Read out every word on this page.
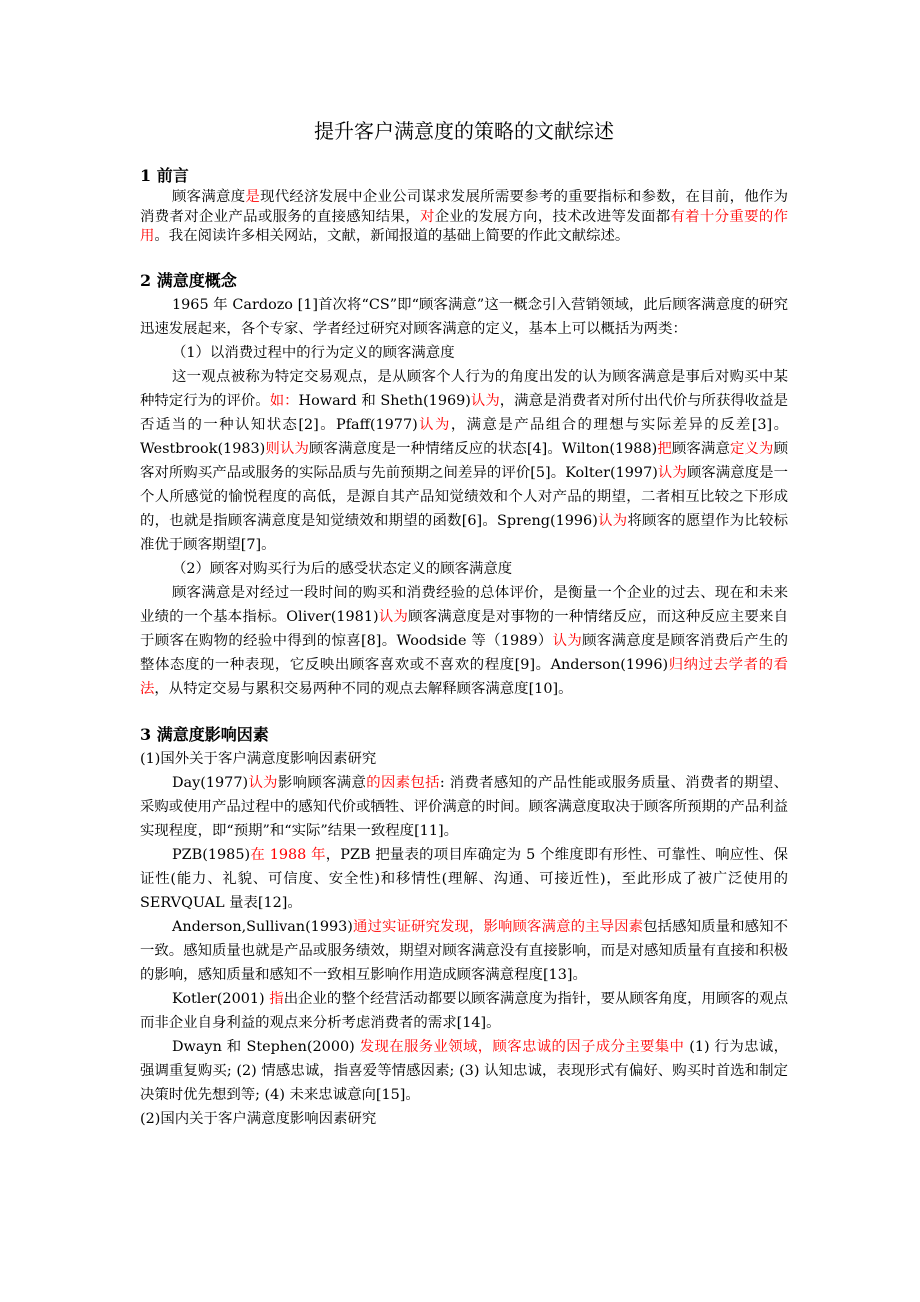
提升客户满意度的策略的文献综述
1 前言

顾客满意度是现代经济发展中企业公司谋求发展所需要参考的重要指标和参数，在目前，他作为消费者对企业产品或服务的直接感知结果，对企业的发展方向，技术改进等发面都有着十分重要的作用。我在阅读许多相关网站，文献，新闻报道的基础上简要的作此文献综述。

2 满意度概念

1965 年 Cardozo [1]首次将“CS”即“顾客满意”这一概念引入营销领域，此后顾客满意度的研究迅速发展起来，各个专家、学者经过研究对顾客满意的定义，基本上可以概括为两类：

（1）以消费过程中的行为定义的顾客满意度

这一观点被称为特定交易观点，是从顾客个人行为的角度出发的认为顾客满意是事后对购买中某种特定行为的评价。如：Howard 和 Sheth(1969)认为，满意是消费者对所付出代价与所获得收益是否适当的一种认知状态[2]。Pfaff(1977)认为，满意是产品组合的理想与实际差异的反差[3]。Westbrook(1983)则认为顾客满意度是一种情绪反应的状态[4]。Wilton(1988)把顾客满意定义为顾客对所购买产品或服务的实际品质与先前预期之间差异的评价[5]。Kolter(1997)认为顾客满意度是一个人所感觉的愉悦程度的高低，是源自其产品知觉绩效和个人对产品的期望，二者相互比较之下形成的，也就是指顾客满意度是知觉绩效和期望的函数[6]。Spreng(1996)认为将顾客的愿望作为比较标准优于顾客期望[7]。

（2）顾客对购买行为后的感受状态定义的顾客满意度

顾客满意是对经过一段时间的购买和消费经验的总体评价，是衡量一个企业的过去、现在和未来业绩的一个基本指标。Oliver(1981)认为顾客满意度是对事物的一种情绪反应，而这种反应主要来自于顾客在购物的经验中得到的惊喜[8]。Woodside 等（1989）认为顾客满意度是顾客消费后产生的整体态度的一种表现，它反映出顾客喜欢或不喜欢的程度[9]。Anderson(1996)归纳过去学者的看法，从特定交易与累积交易两种不同的观点去解释顾客满意度[10]。

3 满意度影响因素

(1)国外关于客户满意度影响因素研究

Day(1977)认为影响顾客满意的因素包括: 消费者感知的产品性能或服务质量、消费者的期望、采购或使用产品过程中的感知代价或牺牲、评价满意的时间。顾客满意度取决于顾客所预期的产品利益实现程度，即“预期”和“实际”结果一致程度[11]。

PZB(1985)在 1988 年，PZB 把量表的项目库确定为 5 个维度即有形性、可靠性、响应性、保证性(能力、礼貌、可信度、安全性)和移情性(理解、沟通、可接近性)，至此形成了被广泛使用的 SERVQUAL 量表[12]。

Anderson,Sullivan(1993)通过实证研究发现，影响顾客满意的主导因素包括感知质量和感知不一致。感知质量也就是产品或服务绩效，期望对顾客满意没有直接影响，而是对感知质量有直接和积极的影响，感知质量和感知不一致相互影响作用造成顾客满意程度[13]。

Kotler(2001) 指出企业的整个经营活动都要以顾客满意度为指针，要从顾客角度，用顾客的观点而非企业自身利益的观点来分析考虑消费者的需求[14]。

Dwayn 和 Stephen(2000) 发现在服务业领域，顾客忠诚的因子成分主要集中 (1) 行为忠诚， 强调重复购买; (2) 情感忠诚，指喜爱等情感因素; (3) 认知忠诚，表现形式有偏好、购买时首选和制定决策时优先想到等; (4) 未来忠诚意向[15]。

(2)国内关于客户满意度影响因素研究
